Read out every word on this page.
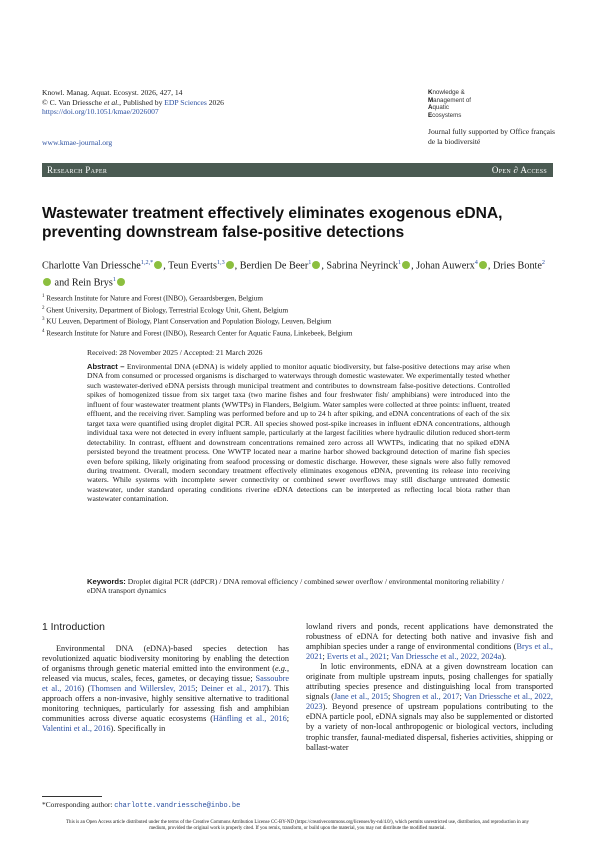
Knowl. Manag. Aquat. Ecosyst. 2026, 427, 14
© C. Van Driessche et al., Published by EDP Sciences 2026
https://doi.org/10.1051/kmae/2026007
www.kmae-journal.org
Knowledge &
Management of
Aquatic
Ecosystems
Journal fully supported by Office français de la biodiversité
Research Paper	Open ∂ Access
Wastewater treatment effectively eliminates exogenous eDNA, preventing downstream false-positive detections
Charlotte Van Driessche$^{1,2,*}$ , Teun Everts$^{1,3}$ , Berdien De Beer$^1$ , Sabrina Neyrinck$^1$ , Johan Auwerx$^4$ , Dries Bonte$^2$ and Rein Brys$^1$
$^1$ Research Institute for Nature and Forest (INBO), Geraardsbergen, Belgium
$^2$ Ghent University, Department of Biology, Terrestrial Ecology Unit, Ghent, Belgium
$^3$ KU Leuven, Department of Biology, Plant Conservation and Population Biology, Leuven, Belgium
$^4$ Research Institute for Nature and Forest (INBO), Research Center for Aquatic Fauna, Linkebeek, Belgium
Received: 28 November 2025 / Accepted: 21 March 2026
Abstract – Environmental DNA (eDNA) is widely applied to monitor aquatic biodiversity, but false-positive detections may arise when DNA from consumed or processed organisms is discharged to waterways through domestic wastewater. We experimentally tested whether such wastewater-derived eDNA persists through municipal treatment and contributes to downstream false-positive detections. Controlled spikes of homogenized tissue from six target taxa (two marine fishes and four freshwater fish/ amphibians) were introduced into the influent of four wastewater treatment plants (WWTPs) in Flanders, Belgium. Water samples were collected at three points: influent, treated effluent, and the receiving river. Sampling was performed before and up to 24 h after spiking, and eDNA concentrations of each of the six target taxa were quantified using droplet digital PCR. All species showed post-spike increases in influent eDNA concentrations, although individual taxa were not detected in every influent sample, particularly at the largest facilities where hydraulic dilution reduced short-term detectability. In contrast, effluent and downstream concentrations remained zero across all WWTPs, indicating that no spiked eDNA persisted beyond the treatment process. One WWTP located near a marine harbor showed background detection of marine fish species even before spiking, likely originating from seafood processing or domestic discharge. However, these signals were also fully removed during treatment. Overall, modern secondary treatment effectively eliminates exogenous eDNA, preventing its release into receiving waters. While systems with incomplete sewer connectivity or combined sewer overflows may still discharge untreated domestic wastewater, under standard operating conditions riverine eDNA detections can be interpreted as reflecting local biota rather than wastewater contamination.
Keywords: Droplet digital PCR (ddPCR) / DNA removal efficiency / combined sewer overflow / environmental monitoring reliability / eDNA transport dynamics
1 Introduction

Environmental DNA (eDNA)-based species detection has revolutionized aquatic biodiversity monitoring by enabling the detection of organisms through genetic material emitted into the environment (e.g., released via mucus, scales, feces, gametes, or decaying tissue; Sassoubre et al., 2016) (Thomsen and Willerslev, 2015; Deiner et al., 2017). This approach offers a non-invasive, highly sensitive alternative to traditional monitoring techniques, particularly for assessing fish and amphibian communities across diverse aquatic ecosystems (Hänfling et al., 2016; Valentini et al., 2016). Specifically in

lowland rivers and ponds, recent applications have demonstrated the robustness of eDNA for detecting both native and invasive fish and amphibian species under a range of environmental conditions (Brys et al., 2021; Everts et al., 2021; Van Driessche et al., 2022, 2024a).

In lotic environments, eDNA at a given downstream location can originate from multiple upstream inputs, posing challenges for spatially attributing species presence and distinguishing local from transported signals (Jane et al., 2015; Shogren et al., 2017; Van Driessche et al., 2022, 2023). Beyond presence of upstream populations contributing to the eDNA particle pool, eDNA signals may also be supplemented or distorted by a variety of non-local anthropogenic or biological vectors, including trophic transfer, faunal-mediated dispersal, fisheries activities, shipping or ballast-water

*Corresponding author: charlotte.vandriessche@inbo.be
This is an Open Access article distributed under the terms of the Creative Commons Attribution License CC-BY-ND (https://creativecommons.org/licenses/by-nd/4.0/), which permits unrestricted use, distribution, and reproduction in any medium, provided the original work is properly cited. If you remix, transform, or build upon the material, you may not distribute the modified material.
